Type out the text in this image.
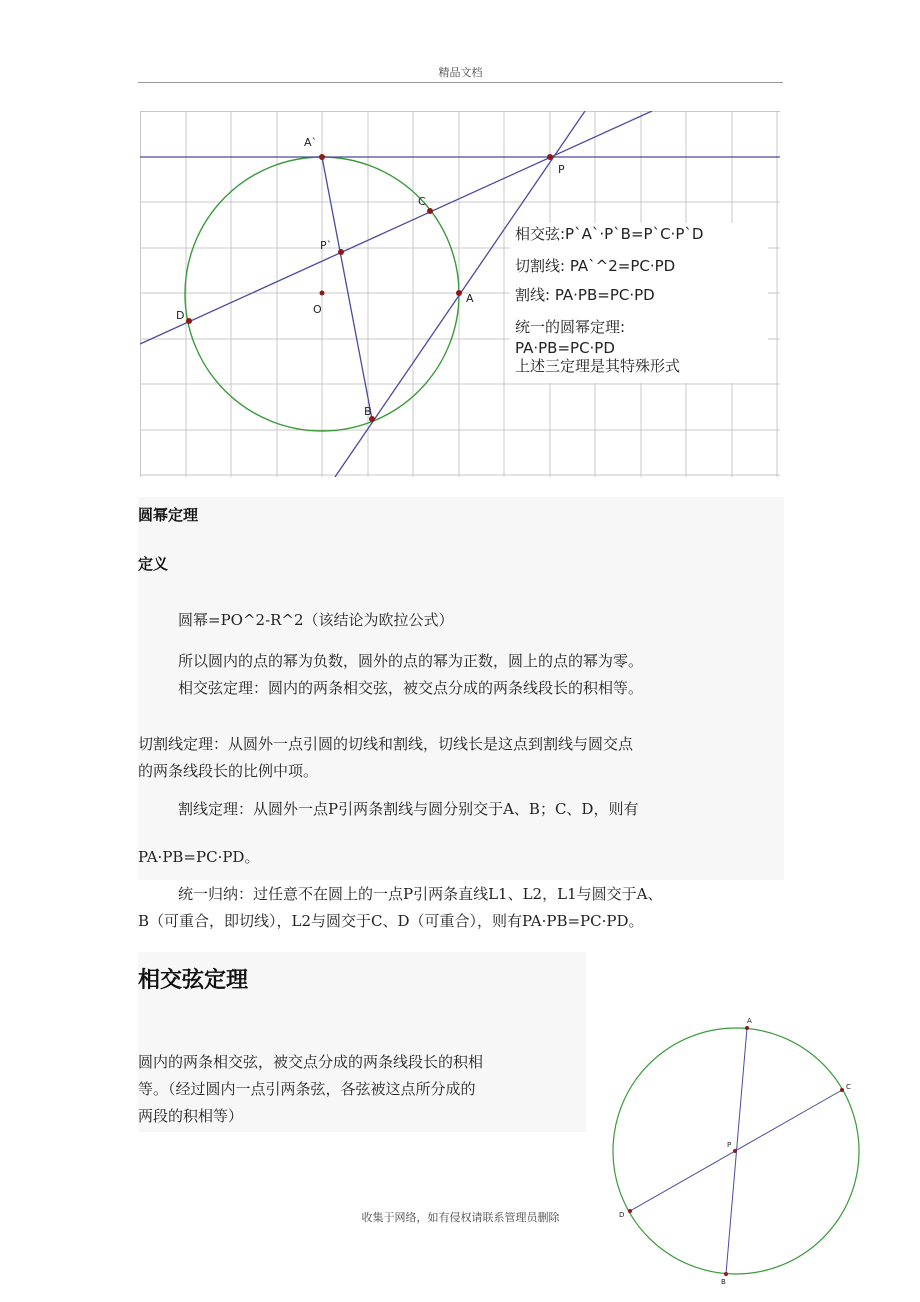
精品文档
A`
P
C
P`
D	O
A
B
相交弦:P`A`·P`B=P`C·P`D
切割线: PA`^2=PC·PD
割线: PA·PB=PC·PD
统一的圆幂定理:
PA·PB=PC·PD
上述三定理是其特殊形式
圆幂定理
定义
圆幂=PO^2-R^2（该结论为欧拉公式）
所以圆内的点的幂为负数，圆外的点的幂为正数，圆上的点的幂为零。
相交弦定理：圆内的两条相交弦，被交点分成的两条线段长的积相等。
切割线定理：从圆外一点引圆的切线和割线，切线长是这点到割线与圆交点
的两条线段长的比例中项。
割线定理：从圆外一点P引两条割线与圆分别交于A、B；C、D，则有
PA·PB=PC·PD。
统一归纳：过任意不在圆上的一点P引两条直线L1、L2，L1与圆交于A、
B（可重合，即切线），L2与圆交于C、D（可重合），则有PA·PB=PC·PD。
相交弦定理
圆内的两条相交弦，被交点分成的两条线段长的积相
等。（经过圆内一点引两条弦，各弦被这点所分成的
两段的积相等）
A
C
P
D
B
收集于网络，如有侵权请联系管理员删除
